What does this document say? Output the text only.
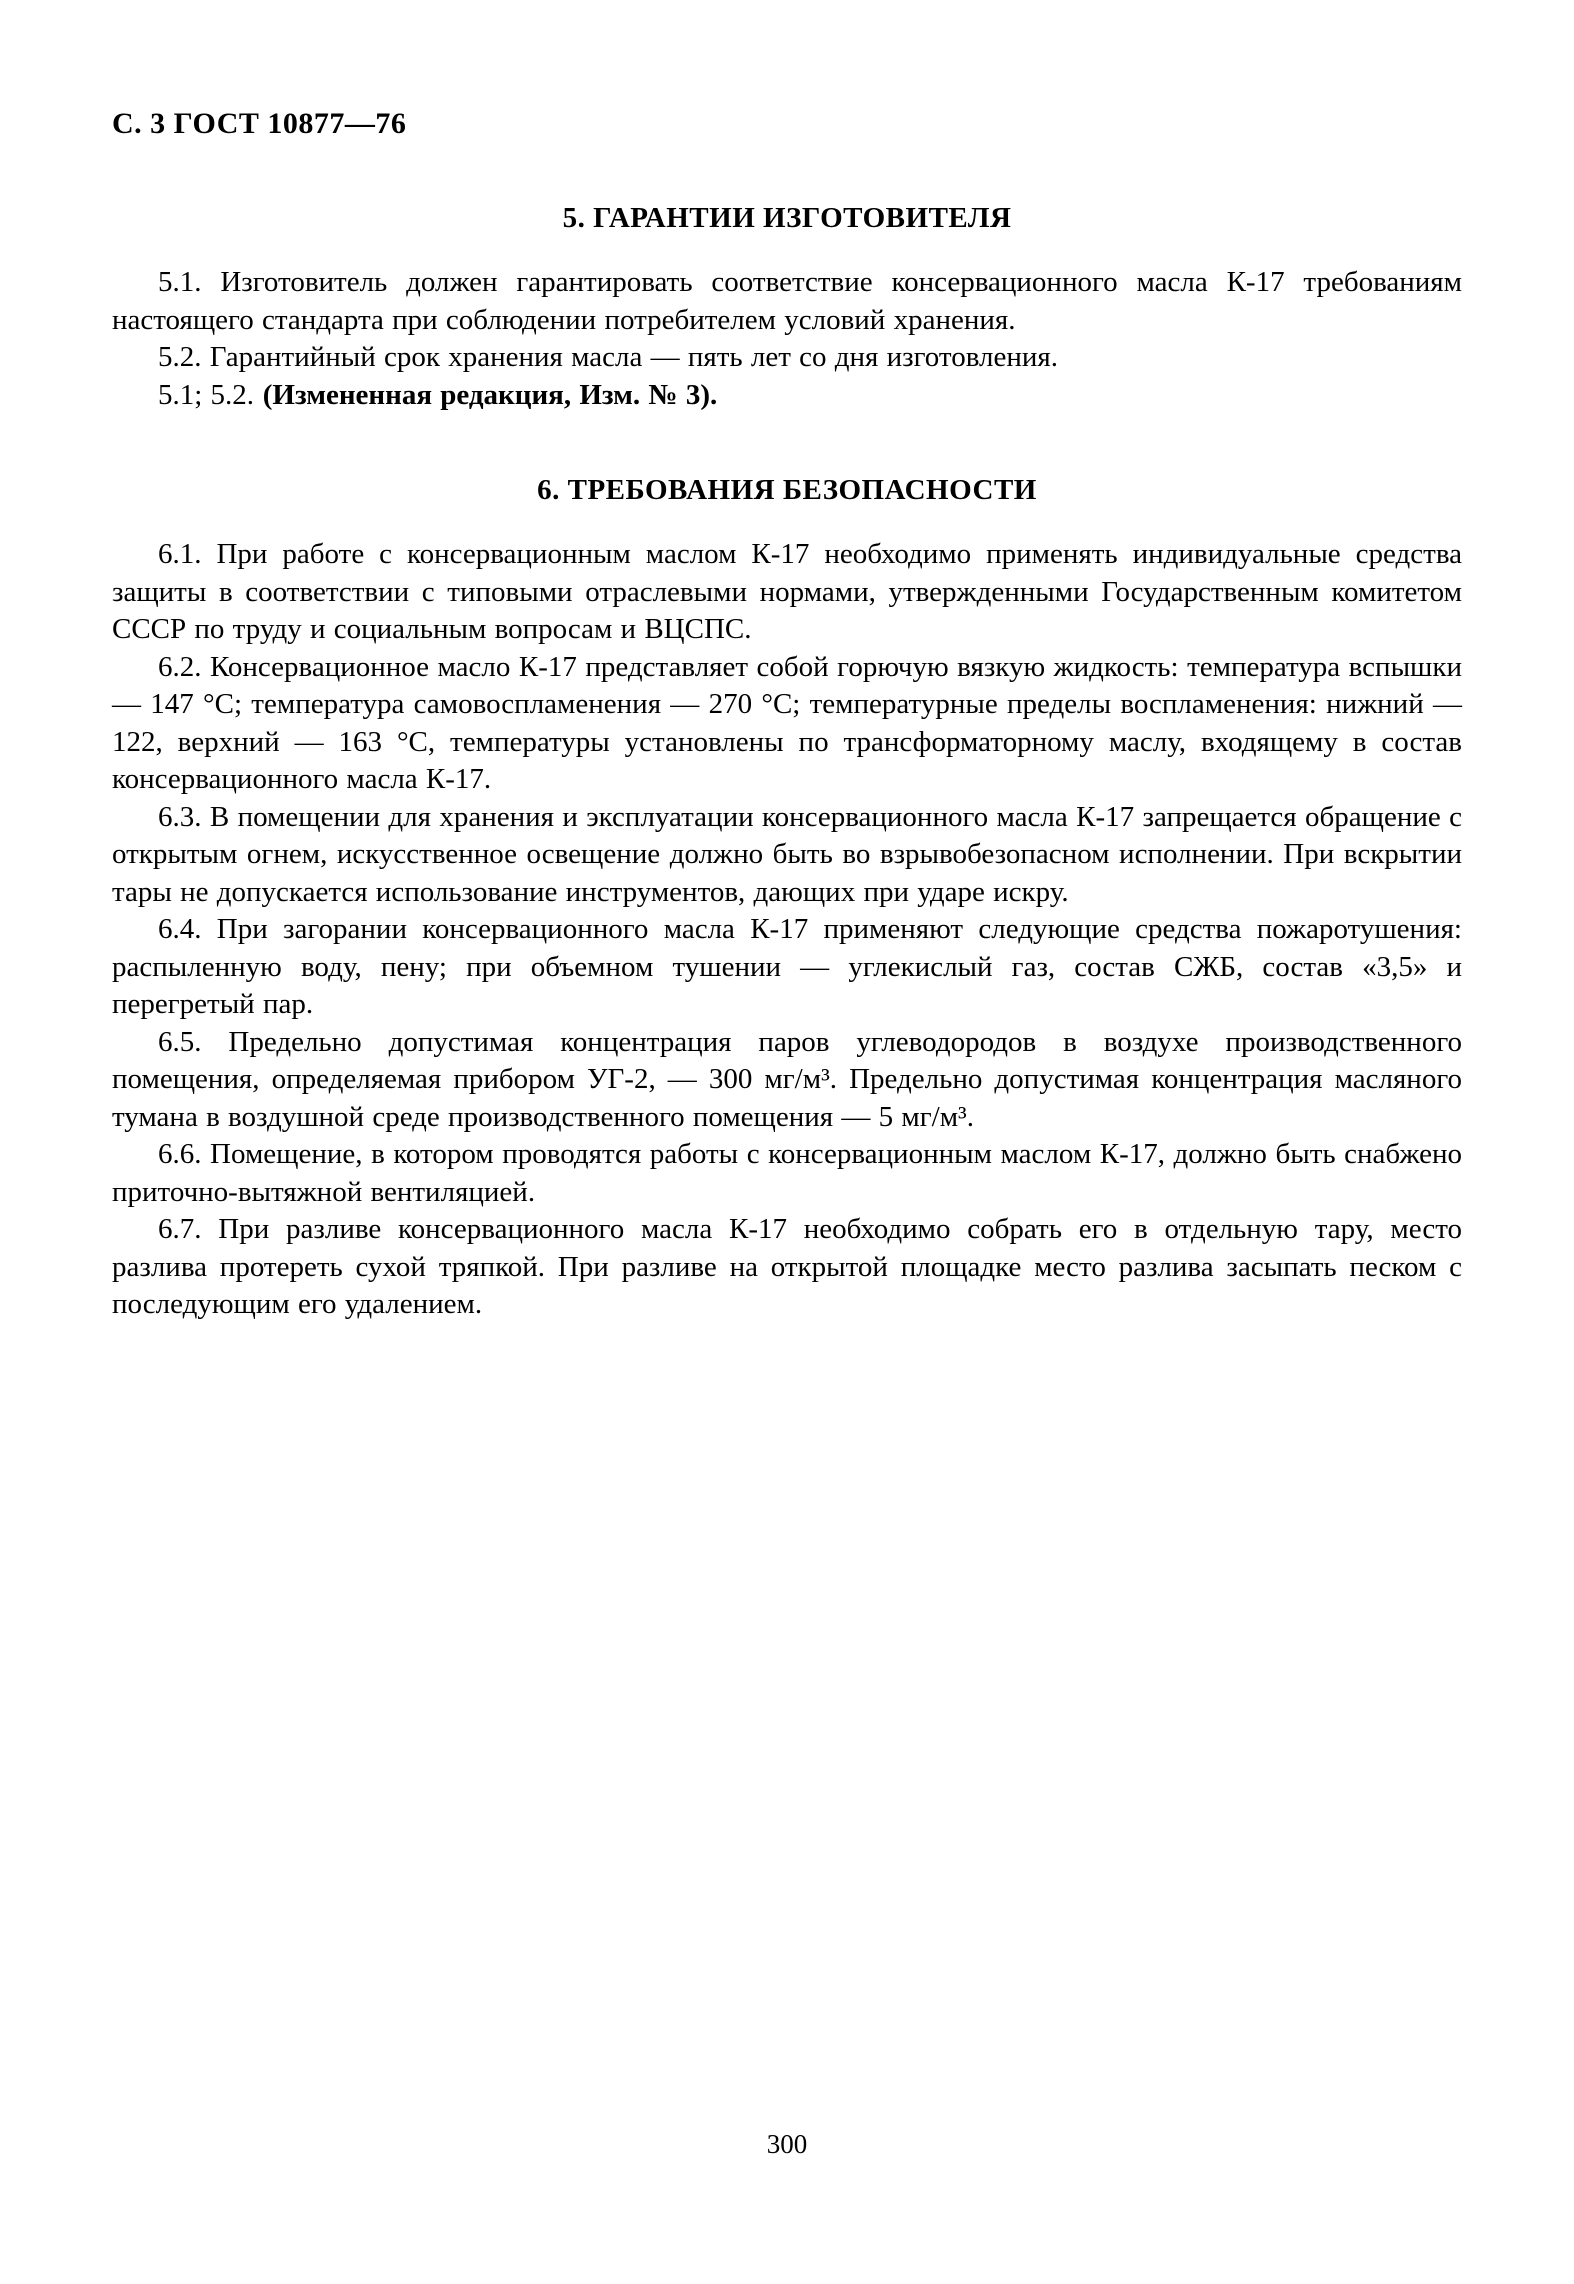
С. 3 ГОСТ 10877—76
5. ГАРАНТИИ ИЗГОТОВИТЕЛЯ

5.1. Изготовитель должен гарантировать соответствие консервационного масла К-17 требованиям настоящего стандарта при соблюдении потребителем условий хранения.

5.2. Гарантийный срок хранения масла — пять лет со дня изготовления.

5.1; 5.2. (Измененная редакция, Изм. № 3).

6. ТРЕБОВАНИЯ БЕЗОПАСНОСТИ

6.1. При работе с консервационным маслом К-17 необходимо применять индивидуальные средства защиты в соответствии с типовыми отраслевыми нормами, утвержденными Государственным комитетом СССР по труду и социальным вопросам и ВЦСПС.

6.2. Консервационное масло К-17 представляет собой горючую вязкую жидкость: температура вспышки — 147 °С; температура самовоспламенения — 270 °С; температурные пределы воспламенения: нижний — 122, верхний — 163 °С, температуры установлены по трансформаторному маслу, входящему в состав консервационного масла К-17.

6.3. В помещении для хранения и эксплуатации консервационного масла К-17 запрещается обращение с открытым огнем, искусственное освещение должно быть во взрывобезопасном исполнении. При вскрытии тары не допускается использование инструментов, дающих при ударе искру.

6.4. При загорании консервационного масла К-17 применяют следующие средства пожаротушения: распыленную воду, пену; при объемном тушении — углекислый газ, состав СЖБ, состав «3,5» и перегретый пар.

6.5. Предельно допустимая концентрация паров углеводородов в воздухе производственного помещения, определяемая прибором УГ-2, — 300 мг/м³. Предельно допустимая концентрация масляного тумана в воздушной среде производственного помещения — 5 мг/м³.

6.6. Помещение, в котором проводятся работы с консервационным маслом К-17, должно быть снабжено приточно-вытяжной вентиляцией.

6.7. При разливе консервационного масла К-17 необходимо собрать его в отдельную тару, место разлива протереть сухой тряпкой. При разливе на открытой площадке место разлива засыпать песком с последующим его удалением.

300
